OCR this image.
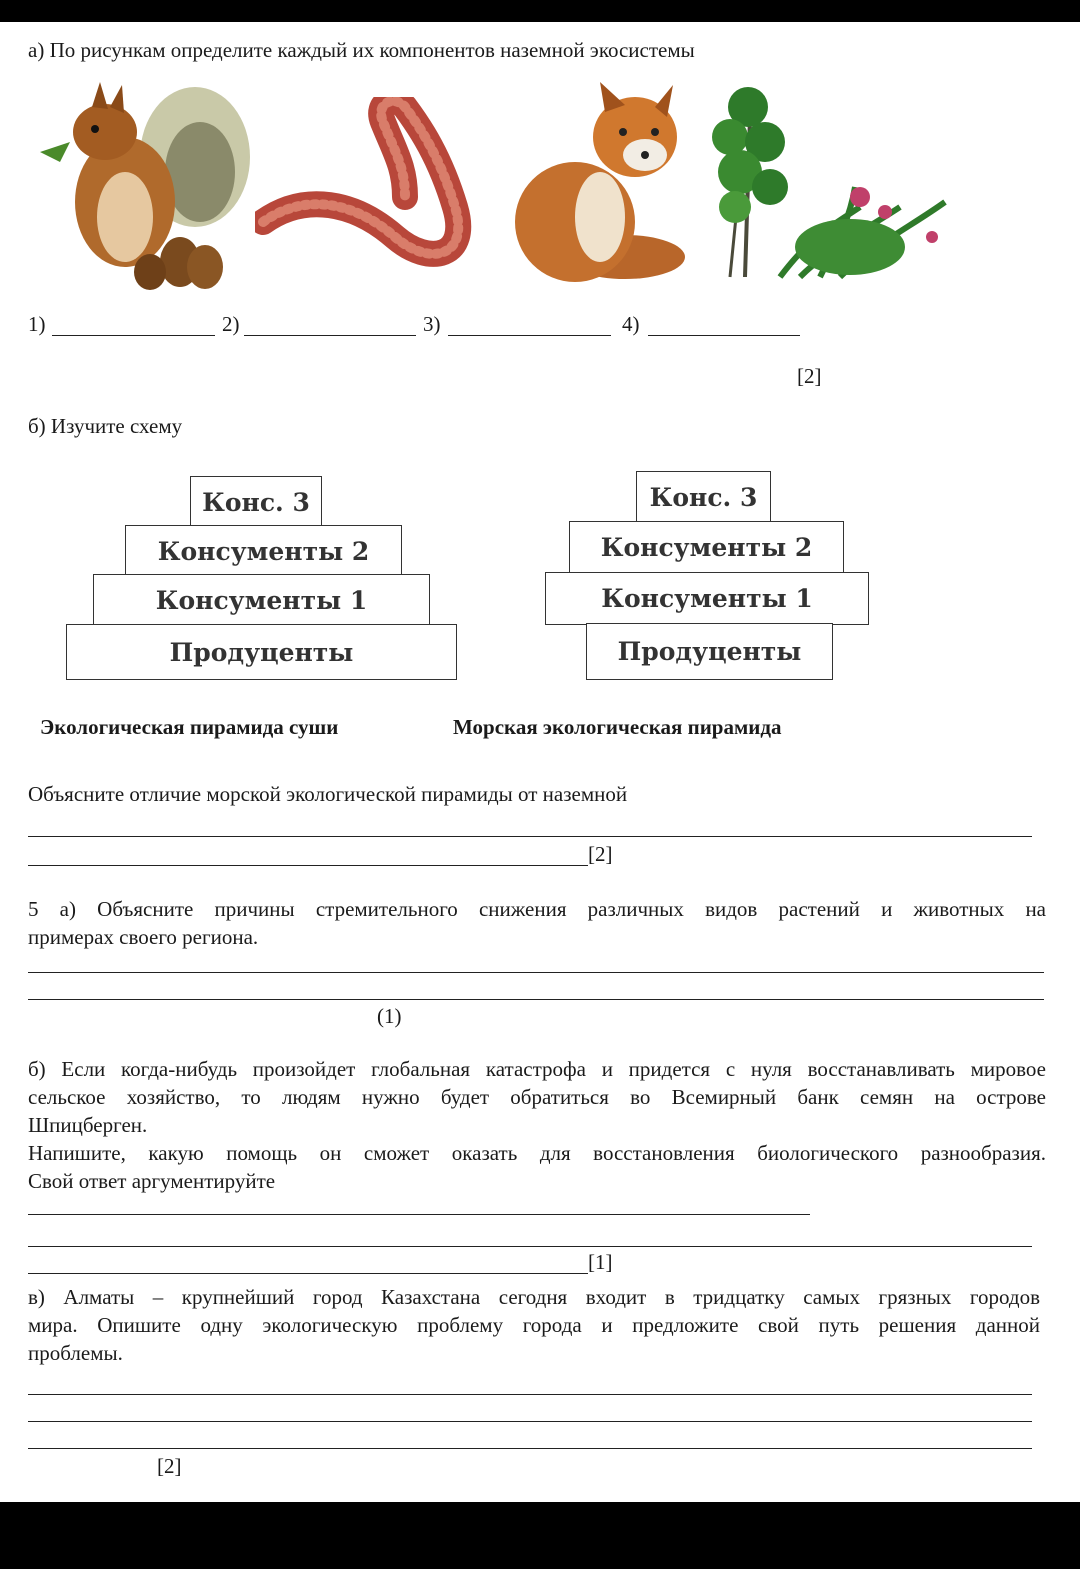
а) По рисункам определите каждый их компонентов наземной экосистемы
1)	2)	3)	4)
[2]
б) Изучите схему
Конс. 3
Консументы 2
Консументы 1
Продуценты
Конс. 3
Консументы 2
Консументы 1
Продуценты
Экологическая пирамида суши	Морская экологическая пирамида
Объясните отличие морской экологической пирамиды от наземной
[2]
5 а) Объясните причины стремительного снижения различных видов растений и животных на
примерах своего региона.
(1)
б) Если когда-нибудь произойдет глобальная катастрофа и придется с нуля восстанавливать мировое
сельское хозяйство, то людям нужно будет обратиться во Всемирный банк семян на острове
Шпицберген.
Напишите, какую помощь он сможет оказать для восстановления биологического разнообразия.
Свой ответ аргументируйте
[1]
в) Алматы – крупнейший город Казахстана сегодня входит в тридцатку самых грязных городов
мира. Опишите одну экологическую проблему города и предложите свой путь решения данной
проблемы.
[2]
